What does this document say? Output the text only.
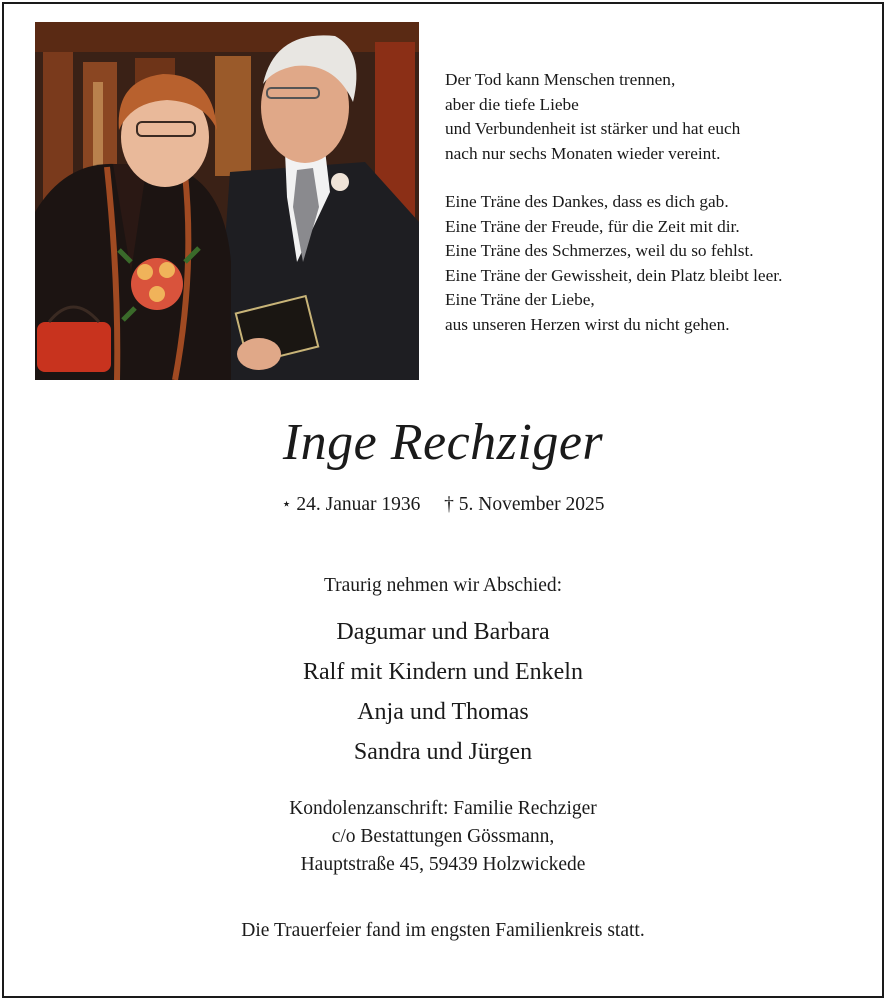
Der Tod kann Menschen trennen,
aber die tiefe Liebe
und Verbundenheit ist stärker und hat euch
nach nur sechs Monaten wieder vereint.

Eine Träne des Dankes, dass es dich gab.
Eine Träne der Freude, für die Zeit mit dir.
Eine Träne des Schmerzes, weil du so fehlst.
Eine Träne der Gewissheit, dein Platz bleibt leer.
Eine Träne der Liebe,
aus unseren Herzen wirst du nicht gehen.

Inge Rechziger
⋆ 24. Januar 1936 † 5. November 2025
Traurig nehmen wir Abschied:
Dagumar und Barbara
Ralf mit Kindern und Enkeln
Anja und Thomas
Sandra und Jürgen
Kondolenzanschrift: Familie Rechziger
c/o Bestattungen Gössmann,
Hauptstraße 45, 59439 Holzwickede
Die Trauerfeier fand im engsten Familienkreis statt.
